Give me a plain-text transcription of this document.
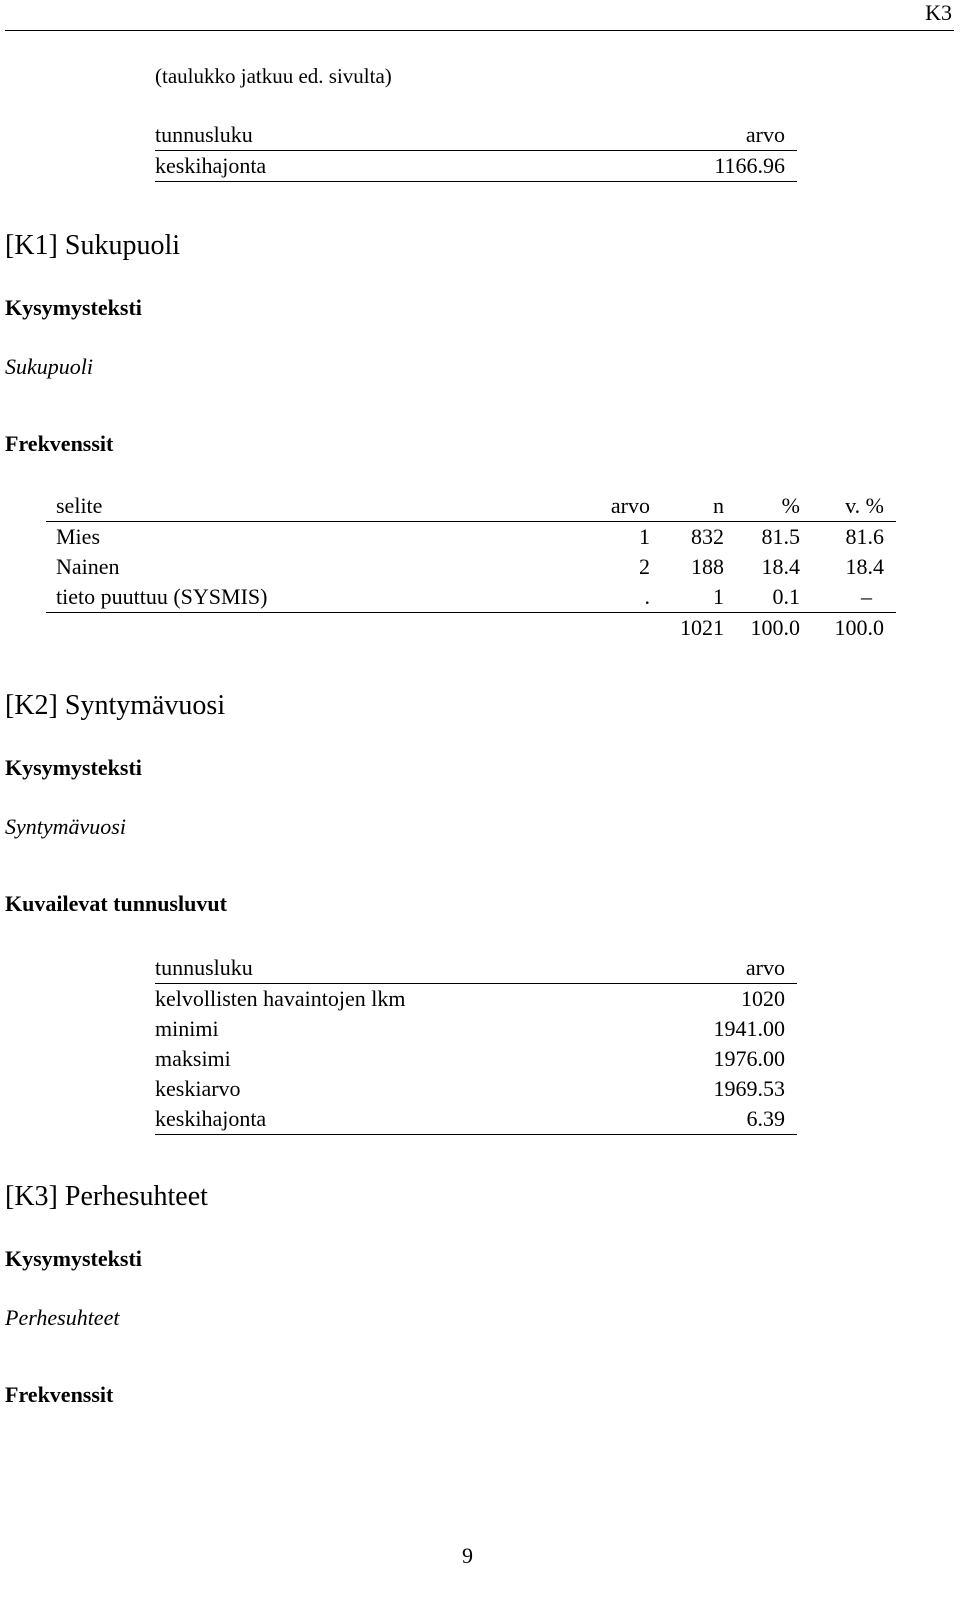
K3
(taulukko jatkuu ed. sivulta)
tunnusluku	arvo
keskihajonta	1166.96
[K1] Sukupuoli
Kysymysteksti
Sukupuoli
Frekvenssit
selite	arvo	n	%	v. %
Mies	1	832	81.5	81.6
Nainen	2	188	18.4	18.4
tieto puuttuu (SYSMIS)	.	1	0.1	–
		1021	100.0	100.0
[K2] Syntymävuosi
Kysymysteksti
Syntymävuosi
Kuvailevat tunnusluvut
tunnusluku	arvo
kelvollisten havaintojen lkm	1020
minimi	1941.00
maksimi	1976.00
keskiarvo	1969.53
keskihajonta	6.39
[K3] Perhesuhteet
Kysymysteksti
Perhesuhteet
Frekvenssit
9
